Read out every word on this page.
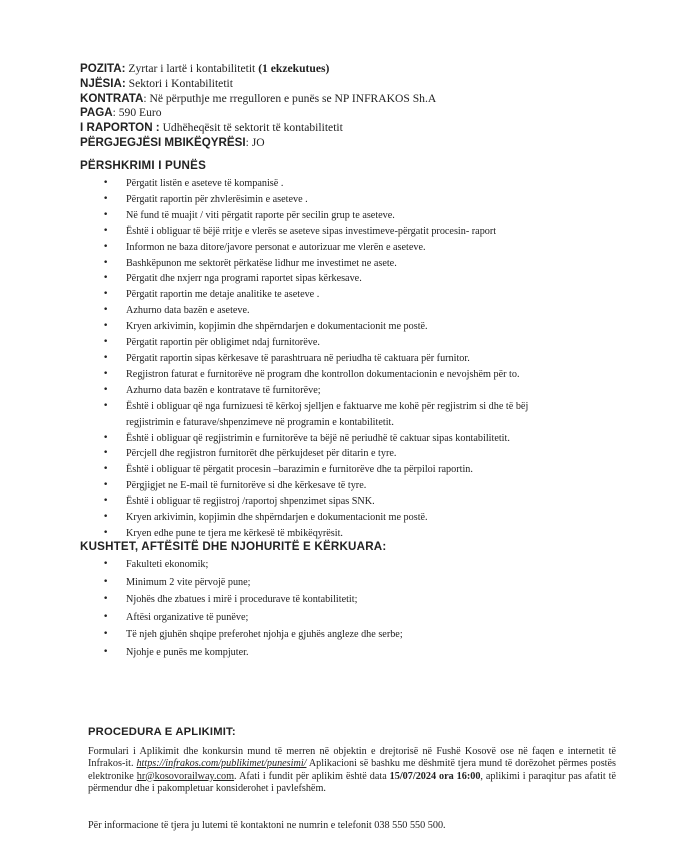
POZITA: Zyrtar i lartë i kontabilitetit (1 ekzekutues)
NJËSIA: Sektori i Kontabilitetit
KONTRATA: Në përputhje me rregulloren e punës se NP INFRAKOS Sh.A
PAGA: 590 Euro
I RAPORTON : Udhëheqësit të sektorit të kontabilitetit
PËRGJEGJËSI MBIKËQYRËSI: JO
PËRSHKRIMI I PUNËS
• Përgatit listën e aseteve të kompanisë .
• Përgatit raportin për zhvlerësimin e aseteve .
• Në fund të muajit / viti përgatit raporte për secilin grup te aseteve.
• Është i obliguar të bëjë rritje e vlerës se aseteve sipas investimeve-përgatit procesin- raport
• Informon ne baza ditore/javore personat e autorizuar me vlerën e aseteve.
• Bashkëpunon me sektorët përkatëse lidhur me investimet ne asete.
• Përgatit dhe nxjerr nga programi raportet sipas kërkesave.
• Përgatit raportin me detaje analitike te aseteve .
• Azhurno data bazën e aseteve.
• Kryen arkivimin, kopjimin dhe shpërndarjen e dokumentacionit me postë.
• Përgatit raportin për obligimet ndaj furnitorëve.
• Përgatit raportin sipas kërkesave të parashtruara në periudha të caktuara për furnitor.
• Regjistron faturat e furnitorëve në program dhe kontrollon dokumentacionin e nevojshëm për to.
• Azhurno data bazën e kontratave të furnitorëve;
• Është i obliguar që nga furnizuesi të kërkoj sjelljen e faktuarve me kohë për regjistrim si dhe të bëj regjistrimin e faturave/shpenzimeve në programin e kontabilitetit.
• Është i obliguar që regjistrimin e furnitorëve ta bëjë në periudhë të caktuar sipas kontabilitetit.
• Përcjell dhe regjistron furnitorët dhe përkujdeset për ditarin e tyre.
• Është i obliguar të përgatit procesin –barazimin e furnitorëve dhe ta përpiloi raportin.
• Përgjigjet ne E-mail të furnitorëve si dhe kërkesave të tyre.
• Është i obliguar të regjistroj /raportoj shpenzimet sipas SNK.
• Kryen arkivimin, kopjimin dhe shpërndarjen e dokumentacionit me postë.
• Kryen edhe pune te tjera me kërkesë të mbikëqyrësit.
KUSHTET, AFTËSITË DHE NJOHURITË E KËRKUARA:
• Fakulteti ekonomik;
• Minimum 2 vite përvojë pune;
• Njohës dhe zbatues i mirë i procedurave të kontabilitetit;
• Aftësi organizative të punëve;
• Të njeh gjuhën shqipe preferohet njohja e gjuhës angleze dhe serbe;
• Njohje e punës me kompjuter.
PROCEDURA E APLIKIMIT:
Formulari i Aplikimit dhe konkursin mund të merren në objektin e drejtorisë në Fushë Kosovë ose në faqen e internetit të Infrakos-it. https://infrakos.com/publikimet/punesimi/ Aplikacioni së bashku me dëshmitë tjera mund të dorëzohet përmes postës elektronike hr@kosovorailway.com. Afati i fundit për aplikim është data 15/07/2024 ora 16:00, aplikimi i paraqitur pas afatit të përmendur dhe i pakompletuar konsiderohet i pavlefshëm.
Për informacione të tjera ju lutemi të kontaktoni ne numrin e telefonit 038 550 550 500.
